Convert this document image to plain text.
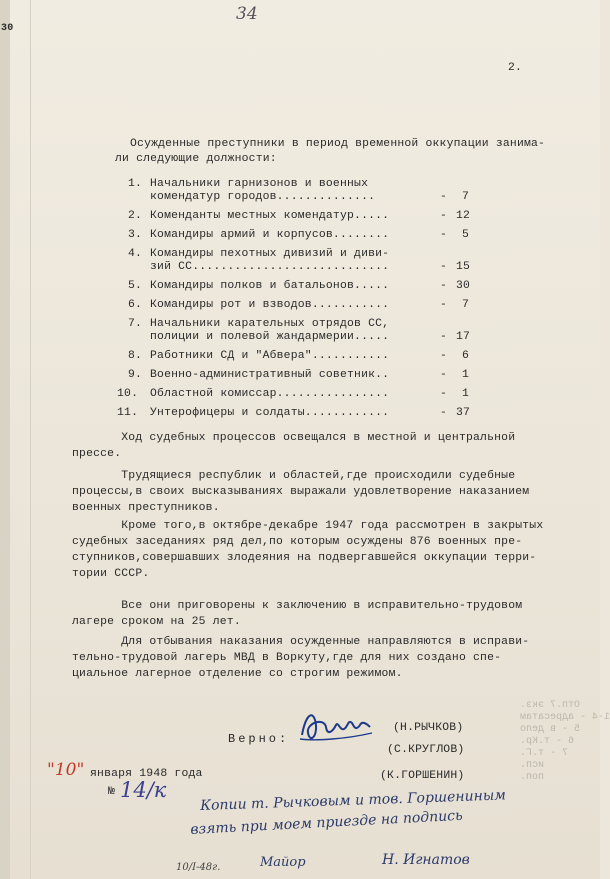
30
34
2.
Осужденные преступники в период временной оккупации занима-
ли следующие должности:
1. Начальники гарнизонов и военных
комендатур городов..............	- 7
2. Коменданты местных комендатур.....	- 12
3. Командиры армий и корпусов........	- 5
4. Командиры пехотных дивизий и диви-
зий СС............................	- 15
5. Командиры полков и батальонов.....	- 30
6. Командиры рот и взводов...........	- 7
7. Начальники карательных отрядов СС,
полиции и полевой жандармерии.....	- 17
8. Работники СД и "Абвера"...........	- 6
9. Военно-административный советник..	- 1
10. Областной комиссар................	- 1
11. Унтерофицеры и солдаты............	- 37
Ход судебных процессов освещался в местной и центральной
прессе.
Трудящиеся республик и областей,где происходили судебные
процессы,в своих высказываниях выражали удовлетворение наказанием
военных преступников.
Кроме того,в октябре-декабре 1947 года рассмотрен в закрытых
судебных заседаниях ряд дел,по которым осуждены 876 военных пре-
ступников,совершавших злодеяния на подвергавшейся оккупации терри-
тории СССР.
Все они приговорены к заключению в исправительно-трудовом
лагере сроком на 25 лет.
Для отбывания наказания осужденные направляются в исправи-
тельно-трудовой лагерь МВД в Воркуту,где для них создано спе-
циальное лагерное отделение со строгим режимом.
Верно:
(Н.РЫЧКОВ)
(С.КРУГЛОВ)
(К.ГОРШЕНИН)
"10" января 1948 года
№ 14/к Копии т. Рычковым и тов. Горшениным
взять при моем приезде на подпись
Майор	Н. Игнатов
10/I-48г.
Отп.7 экз.
1-4 - адресатам
5 - в дело
6 - т.Кр.
7 - т.Г.
исп.
поп.
